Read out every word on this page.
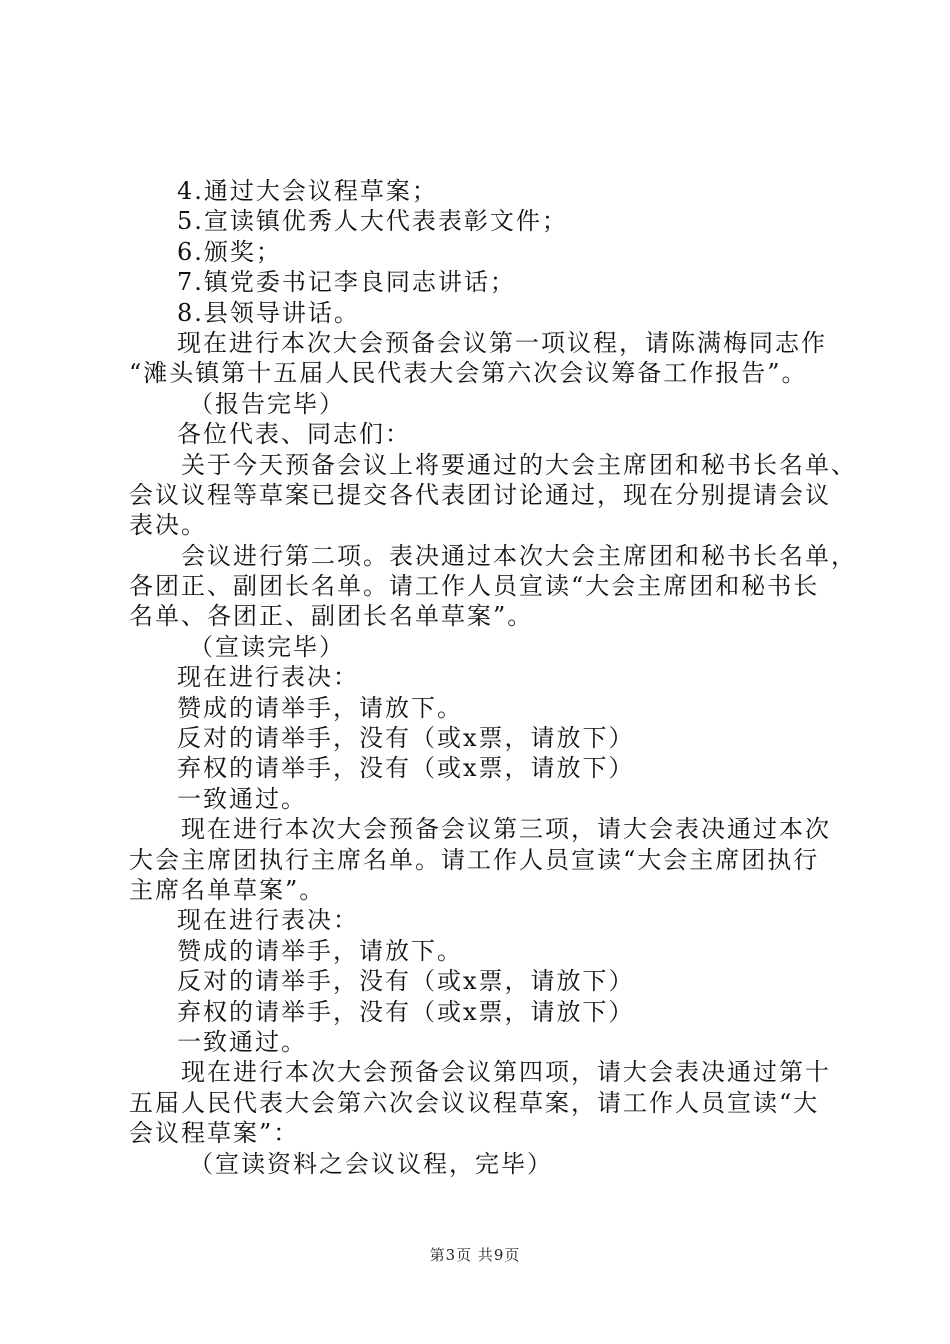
4.通过大会议程草案；
5.宣读镇优秀人大代表表彰文件；
6.颁奖；
7.镇党委书记李良同志讲话；
8.县领导讲话。
现在进行本次大会预备会议第一项议程，请陈满梅同志作
“滩头镇第十五届人民代表大会第六次会议筹备工作报告”。
（报告完毕）
各位代表、同志们：
关于今天预备会议上将要通过的大会主席团和秘书长名单、
会议议程等草案已提交各代表团讨论通过，现在分别提请会议
表决。
会议进行第二项。表决通过本次大会主席团和秘书长名单，
各团正、副团长名单。请工作人员宣读“大会主席团和秘书长
名单、各团正、副团长名单草案”。
（宣读完毕）
现在进行表决：
赞成的请举手，请放下。
反对的请举手，没有（或x票，请放下）
弃权的请举手，没有（或x票，请放下）
一致通过。
现在进行本次大会预备会议第三项，请大会表决通过本次
大会主席团执行主席名单。请工作人员宣读“大会主席团执行
主席名单草案”。
现在进行表决：
赞成的请举手，请放下。
反对的请举手，没有（或x票，请放下）
弃权的请举手，没有（或x票，请放下）
一致通过。
现在进行本次大会预备会议第四项，请大会表决通过第十
五届人民代表大会第六次会议议程草案，请工作人员宣读“大
会议程草案”：
（宣读资料之会议议程，完毕）
第3页 共9页
